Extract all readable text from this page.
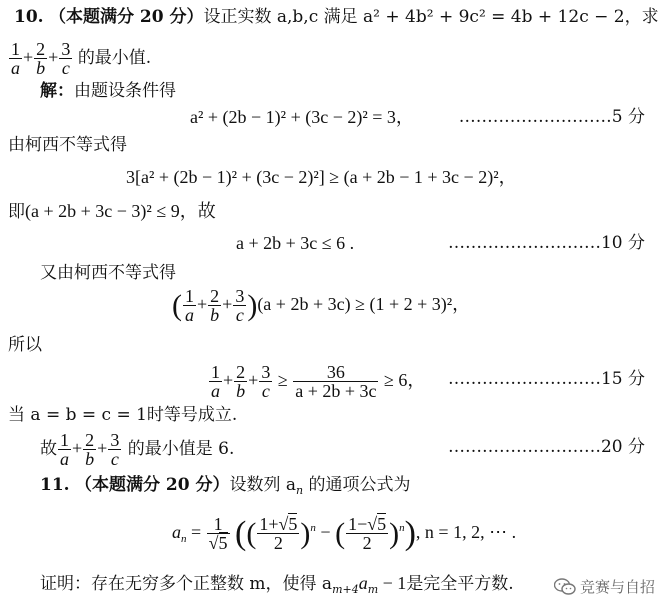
10. （本题满分 20 分）设正实数 a,b,c 满足 a² + 4b² + 9c² = 4b + 12c − 2，求
$\frac{1}{a} + \frac{2}{b} + \frac{3}{c}$ 的最小值.
解：由题设条件得
a² + (2b − 1)² + (3c − 2)² = 3，	………………………5 分
由柯西不等式得
3[a² + (2b − 1)² + (3c − 2)²] ≥ (a + 2b − 1 + 3c − 2)²，
即(a + 2b + 3c − 3)² ≤ 9，故
a + 2b + 3c ≤ 6 .	………………………10 分
又由柯西不等式得
( $\frac{1}{a} + \frac{2}{b} + \frac{3}{c} )(a + 2b + 3c) \ge (1 + 2 + 3)^2$，
所以
$\frac{1}{a} + \frac{2}{b} + \frac{3}{c} \ge \frac{36}{a + 2b + 3c} \ge 6$， ………………………15 分
当 a = b = c = 1时等号成立.
故 $\frac{1}{a} + \frac{2}{b} + \frac{3}{c}$ 的最小值是 6.	………………………20 分
11. （本题满分 20 分）设数列 $a_n$ 的通项公式为
$a_n = \frac{1}{√5}$ (( $\frac{1+√5}{2} )^n$ − ( $\frac{1-√5}{2} )^n$), n = 1, 2, ⋯ .
证明：存在无穷多个正整数 m，使得 $a_{m+4}a_m - 1$是完全平方数.	竞赛与自招
